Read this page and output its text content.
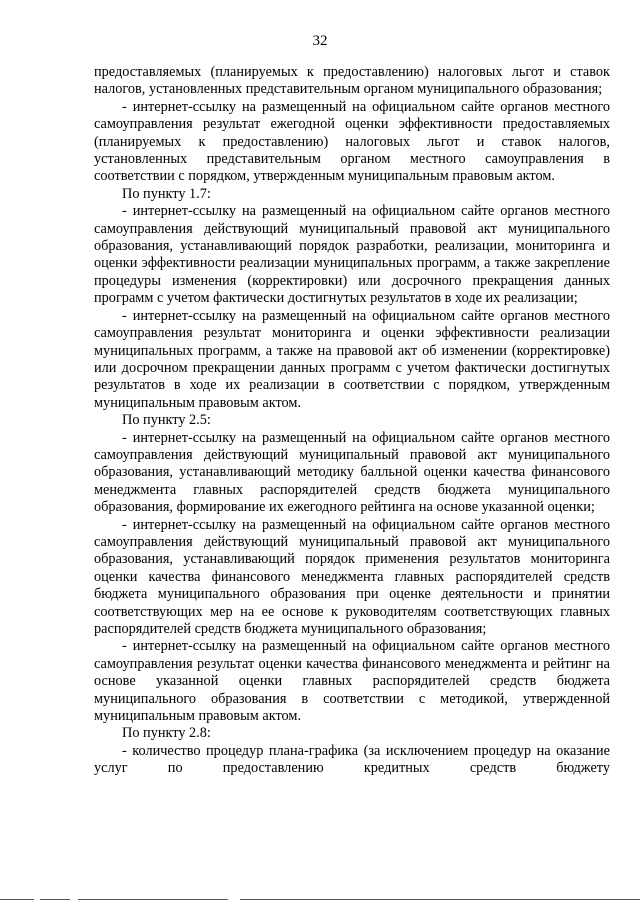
32

предоставляемых (планируемых к предоставлению) налоговых льгот и ставок налогов, установленных представительным органом муниципального образования;

- интернет-ссылку на размещенный на официальном сайте органов местного самоуправления результат ежегодной оценки эффективности предоставляемых (планируемых к предоставлению) налоговых льгот и ставок налогов, установленных представительным органом местного самоуправления в соответствии с порядком, утвержденным муниципальным правовым актом.

По пункту 1.7:

- интернет-ссылку на размещенный на официальном сайте органов местного самоуправления действующий муниципальный правовой акт муниципального образования, устанавливающий порядок разработки, реализации, мониторинга и оценки эффективности реализации муниципальных программ, а также закрепление процедуры изменения (корректировки) или досрочного прекращения данных программ с учетом фактически достигнутых результатов в ходе их реализации;

- интернет-ссылку на размещенный на официальном сайте органов местного самоуправления результат мониторинга и оценки эффективности реализации муниципальных программ, а также на правовой акт об изменении (корректировке) или досрочном прекращении данных программ с учетом фактически достигнутых результатов в ходе их реализации в соответствии с порядком, утвержденным муниципальным правовым актом.

По пункту 2.5:

- интернет-ссылку на размещенный на официальном сайте органов местного самоуправления действующий муниципальный правовой акт муниципального образования, устанавливающий методику балльной оценки качества финансового менеджмента главных распорядителей средств бюджета муниципального образования, формирование их ежегодного рейтинга на основе указанной оценки;

- интернет-ссылку на размещенный на официальном сайте органов местного самоуправления действующий муниципальный правовой акт муниципального образования, устанавливающий порядок применения результатов мониторинга оценки качества финансового менеджмента главных распорядителей средств бюджета муниципального образования при оценке деятельности и принятии соответствующих мер на ее основе к руководителям соответствующих главных распорядителей средств бюджета муниципального образования;

- интернет-ссылку на размещенный на официальном сайте органов местного самоуправления результат оценки качества финансового менеджмента и рейтинг на основе указанной оценки главных распорядителей средств бюджета муниципального образования в соответствии с методикой, утвержденной муниципальным правовым актом.

По пункту 2.8:

- количество процедур плана-графика (за исключением процедур на оказание услуг по предоставлению кредитных средств бюджету
